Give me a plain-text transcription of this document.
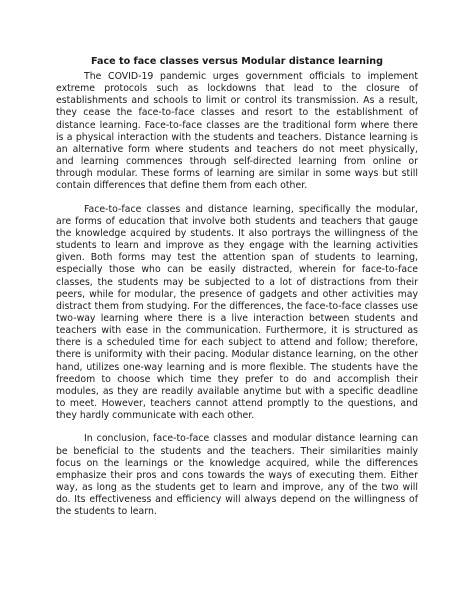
Face to face classes versus Modular distance learning

The COVID-19 pandemic urges government officials to implement extreme protocols such as lockdowns that lead to the closure of establishments and schools to limit or control its transmission. As a result, they cease the face-to-face classes and resort to the establishment of distance learning. Face-to-face classes are the traditional form where there is a physical interaction with the students and teachers. Distance learning is an alternative form where students and teachers do not meet physically, and learning commences through self-directed learning from online or through modular. These forms of learning are similar in some ways but still contain differences that define them from each other.

Face-to-face classes and distance learning, specifically the modular, are forms of education that involve both students and teachers that gauge the knowledge acquired by students. It also portrays the willingness of the students to learn and improve as they engage with the learning activities given. Both forms may test the attention span of students to learning, especially those who can be easily distracted, wherein for face-to-face classes, the students may be subjected to a lot of distractions from their peers, while for modular, the presence of gadgets and other activities may distract them from studying. For the differences, the face-to-face classes use two-way learning where there is a live interaction between students and teachers with ease in the communication. Furthermore, it is structured as there is a scheduled time for each subject to attend and follow; therefore, there is uniformity with their pacing. Modular distance learning, on the other hand, utilizes one-way learning and is more flexible. The students have the freedom to choose which time they prefer to do and accomplish their modules, as they are readily available anytime but with a specific deadline to meet. However, teachers cannot attend promptly to the questions, and they hardly communicate with each other.

In conclusion, face-to-face classes and modular distance learning can be beneficial to the students and the teachers. Their similarities mainly focus on the learnings or the knowledge acquired, while the differences emphasize their pros and cons towards the ways of executing them. Either way, as long as the students get to learn and improve, any of the two will do. Its effectiveness and efficiency will always depend on the willingness of the students to learn.
